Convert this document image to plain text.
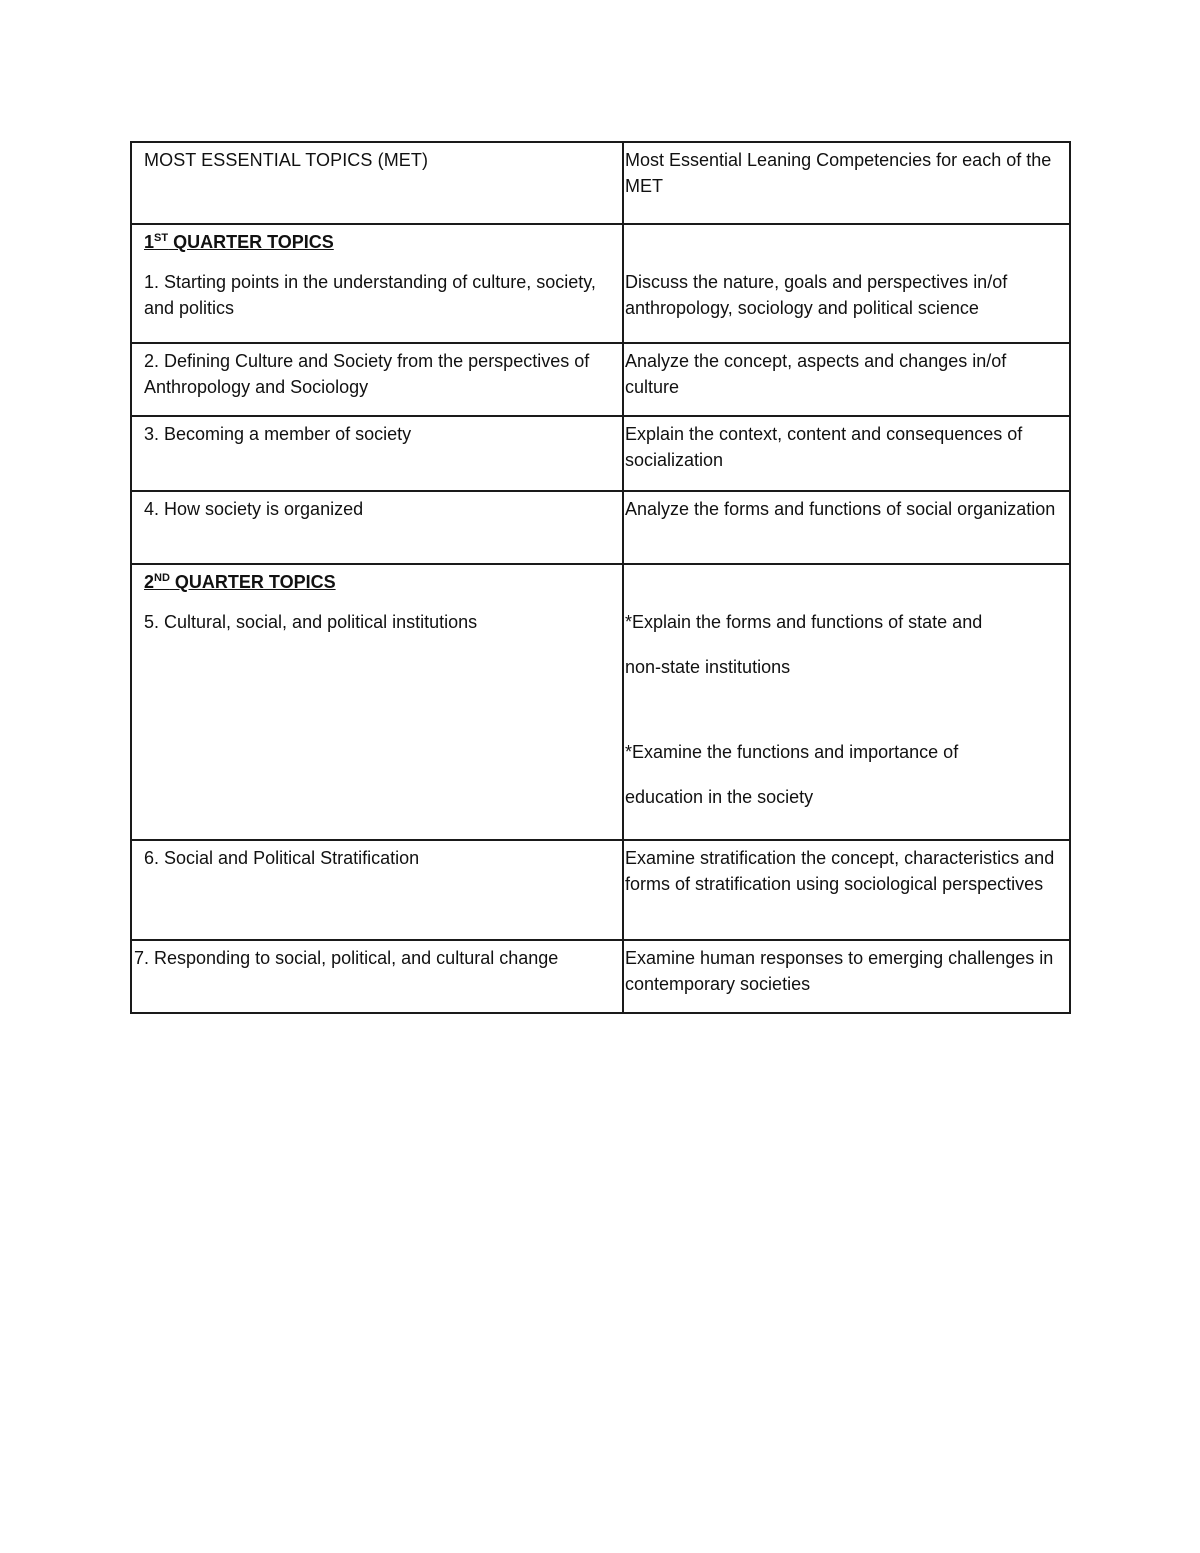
MOST ESSENTIAL TOPICS (MET)	Most Essential Leaning Competencies for each of the MET

1ST QUARTER TOPICS
1. Starting points in the understanding of culture, society, and politics	Discuss the nature, goals and perspectives in/of anthropology, sociology and political science

2. Defining Culture and Society from the perspectives of Anthropology and Sociology	Analyze the concept, aspects and changes in/of culture
3. Becoming a member of society	Explain the context, content and consequences of socialization
4. How society is organized	Analyze the forms and functions of social organization

2ND QUARTER TOPICS
5. Cultural, social, and political institutions	*Explain the forms and functions of state and
non-state institutions
*Examine the functions and importance of
education in the society

6. Social and Political Stratification	Examine stratification the concept, characteristics and forms of stratification using sociological perspectives
7. Responding to social, political, and cultural change	Examine human responses to emerging challenges in contemporary societies
